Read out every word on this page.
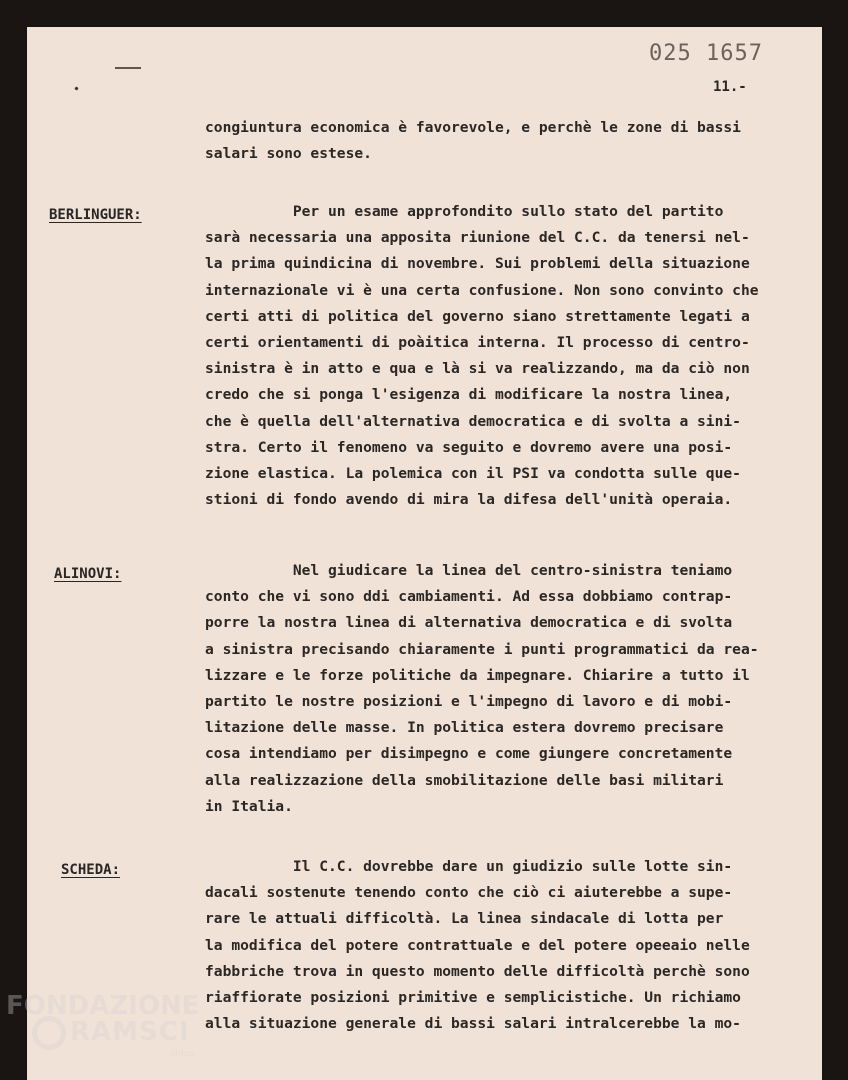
025 1657
11.-
congiuntura economica è favorevole, e perchè le zone di bassi
salari sono estese.
BERLINGUER:	Per un esame approfondito sullo stato del partito
sarà necessaria una apposita riunione del C.C. da tenersi nel-
la prima quindicina di novembre. Sui problemi della situazione
internazionale vi è una certa confusione. Non sono convinto che
certi atti di politica del governo siano strettamente legati a
certi orientamenti di poàitica interna. Il processo di centro-
sinistra è in atto e qua e là si va realizzando, ma da ciò non
credo che si ponga l'esigenza di modificare la nostra linea,
che è quella dell'alternativa democratica e di svolta a sini-
stra. Certo il fenomeno va seguito e dovremo avere una posi-
zione elastica. La polemica con il PSI va condotta sulle que-
stioni di fondo avendo di mira la difesa dell'unità operaia.
ALINOVI:	Nel giudicare la linea del centro-sinistra teniamo
conto che vi sono ddi cambiamenti. Ad essa dobbiamo contrap-
porre la nostra linea di alternativa democratica e di svolta
a sinistra precisando chiaramente i punti programmatici da rea-
lizzare e le forze politiche da impegnare. Chiarire a tutto il
partito le nostre posizioni e l'impegno di lavoro e di mobi-
litazione delle masse. In politica estera dovremo precisare
cosa intendiamo per disimpegno e come giungere concretamente
alla realizzazione della smobilitazione delle basi militari
in Italia.
SCHEDA:	Il C.C. dovrebbe dare un giudizio sulle lotte sin-
dacali sostenute tenendo conto che ciò ci aiuterebbe a supe-
rare le attuali difficoltà. La linea sindacale di lotta per
la modifica del potere contrattuale e del potere opeeaio nelle
fabbriche trova in questo momento delle difficoltà perchè sono
riaffiorate posizioni primitive e semplicistiche. Un richiamo
alla situazione generale di bassi salari intralcerebbe la mo-
FONDAZIONE
RAMSCI
onlus
